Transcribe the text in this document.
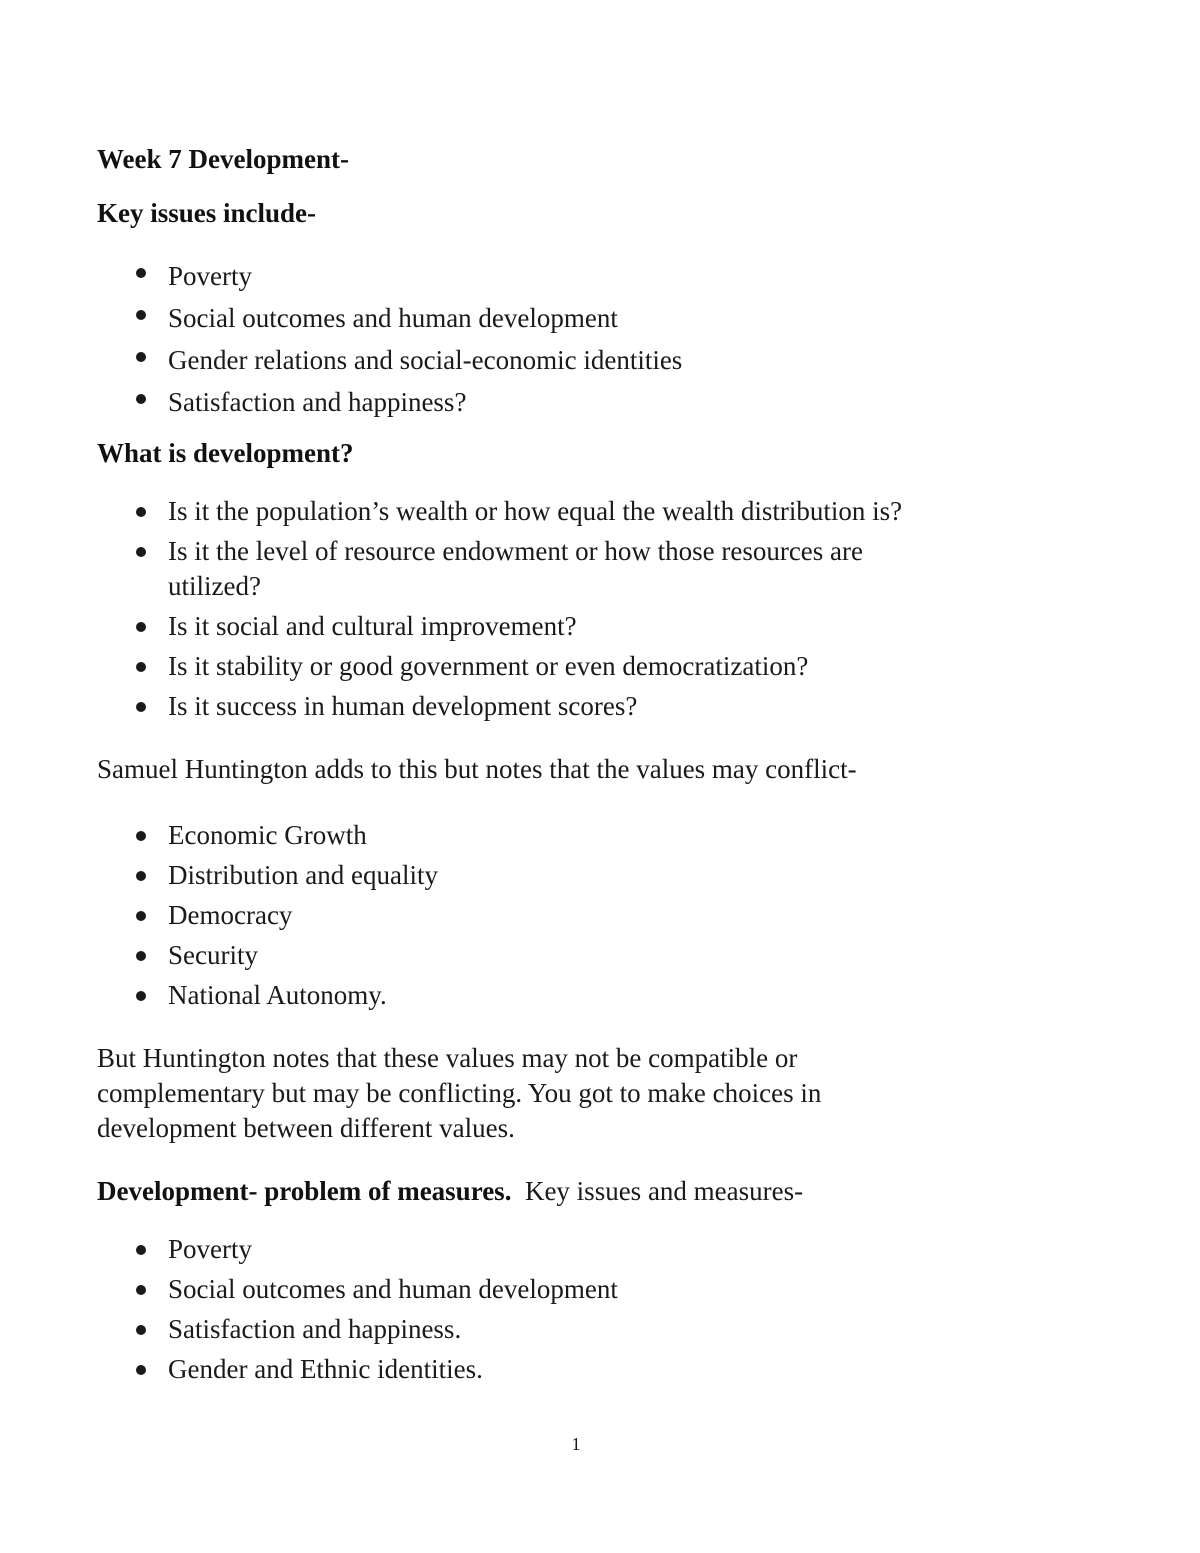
Week 7 Development-

Key issues include-

Poverty
Social outcomes and human development
Gender relations and social-economic identities
Satisfaction and happiness?

What is development?

Is it the population’s wealth or how equal the wealth distribution is?
Is it the level of resource endowment or how those resources are utilized?
Is it social and cultural improvement?
Is it stability or good government or even democratization?
Is it success in human development scores?

Samuel Huntington adds to this but notes that the values may conflict-

Economic Growth
Distribution and equality
Democracy
Security
National Autonomy.

But Huntington notes that these values may not be compatible or complementary but may be conflicting. You got to make choices in development between different values.

Development- problem of measures.  Key issues and measures-

Poverty
Social outcomes and human development
Satisfaction and happiness.
Gender and Ethnic identities.
1
